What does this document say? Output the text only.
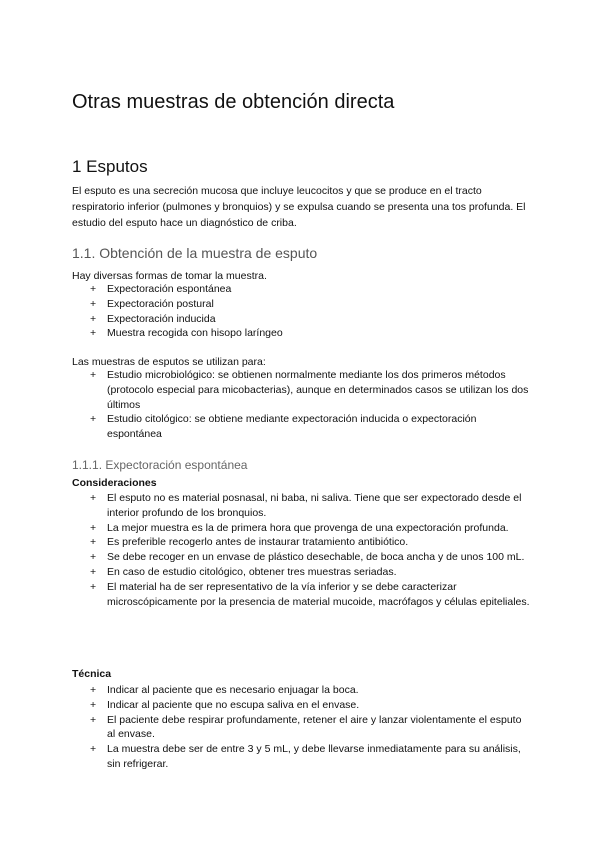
Otras muestras de obtención directa
1 Esputos

El esputo es una secreción mucosa que incluye leucocitos y que se produce en el tracto respiratorio inferior (pulmones y bronquios) y se expulsa cuando se presenta una tos profunda. El estudio del esputo hace un diagnóstico de criba.

1.1. Obtención de la muestra de esputo

Hay diversas formas de tomar la muestra.

+ Expectoración espontánea
+ Expectoración postural
+ Expectoración inducida
+ Muestra recogida con hisopo laríngeo

Las muestras de esputos se utilizan para:

+ Estudio microbiológico: se obtienen normalmente mediante los dos primeros métodos (protocolo especial para micobacterias), aunque en determinados casos se utilizan los dos últimos
+ Estudio citológico: se obtiene mediante expectoración inducida o expectoración espontánea
1.1.1. Expectoración espontánea

Consideraciones

+ El esputo no es material posnasal, ni baba, ni saliva. Tiene que ser expectorado desde el interior profundo de los bronquios.
+ La mejor muestra es la de primera hora que provenga de una expectoración profunda.
+ Es preferible recogerlo antes de instaurar tratamiento antibiótico.
+ Se debe recoger en un envase de plástico desechable, de boca ancha y de unos 100 mL.
+ En caso de estudio citológico, obtener tres muestras seriadas.
+ El material ha de ser representativo de la vía inferior y se debe caracterizar microscópicamente por la presencia de material mucoide, macrófagos y células epiteliales.

Técnica

+ Indicar al paciente que es necesario enjuagar la boca.
+ Indicar al paciente que no escupa saliva en el envase.
+ El paciente debe respirar profundamente, retener el aire y lanzar violentamente el esputo al envase.
+ La muestra debe ser de entre 3 y 5 mL, y debe llevarse inmediatamente para su análisis, sin refrigerar.
